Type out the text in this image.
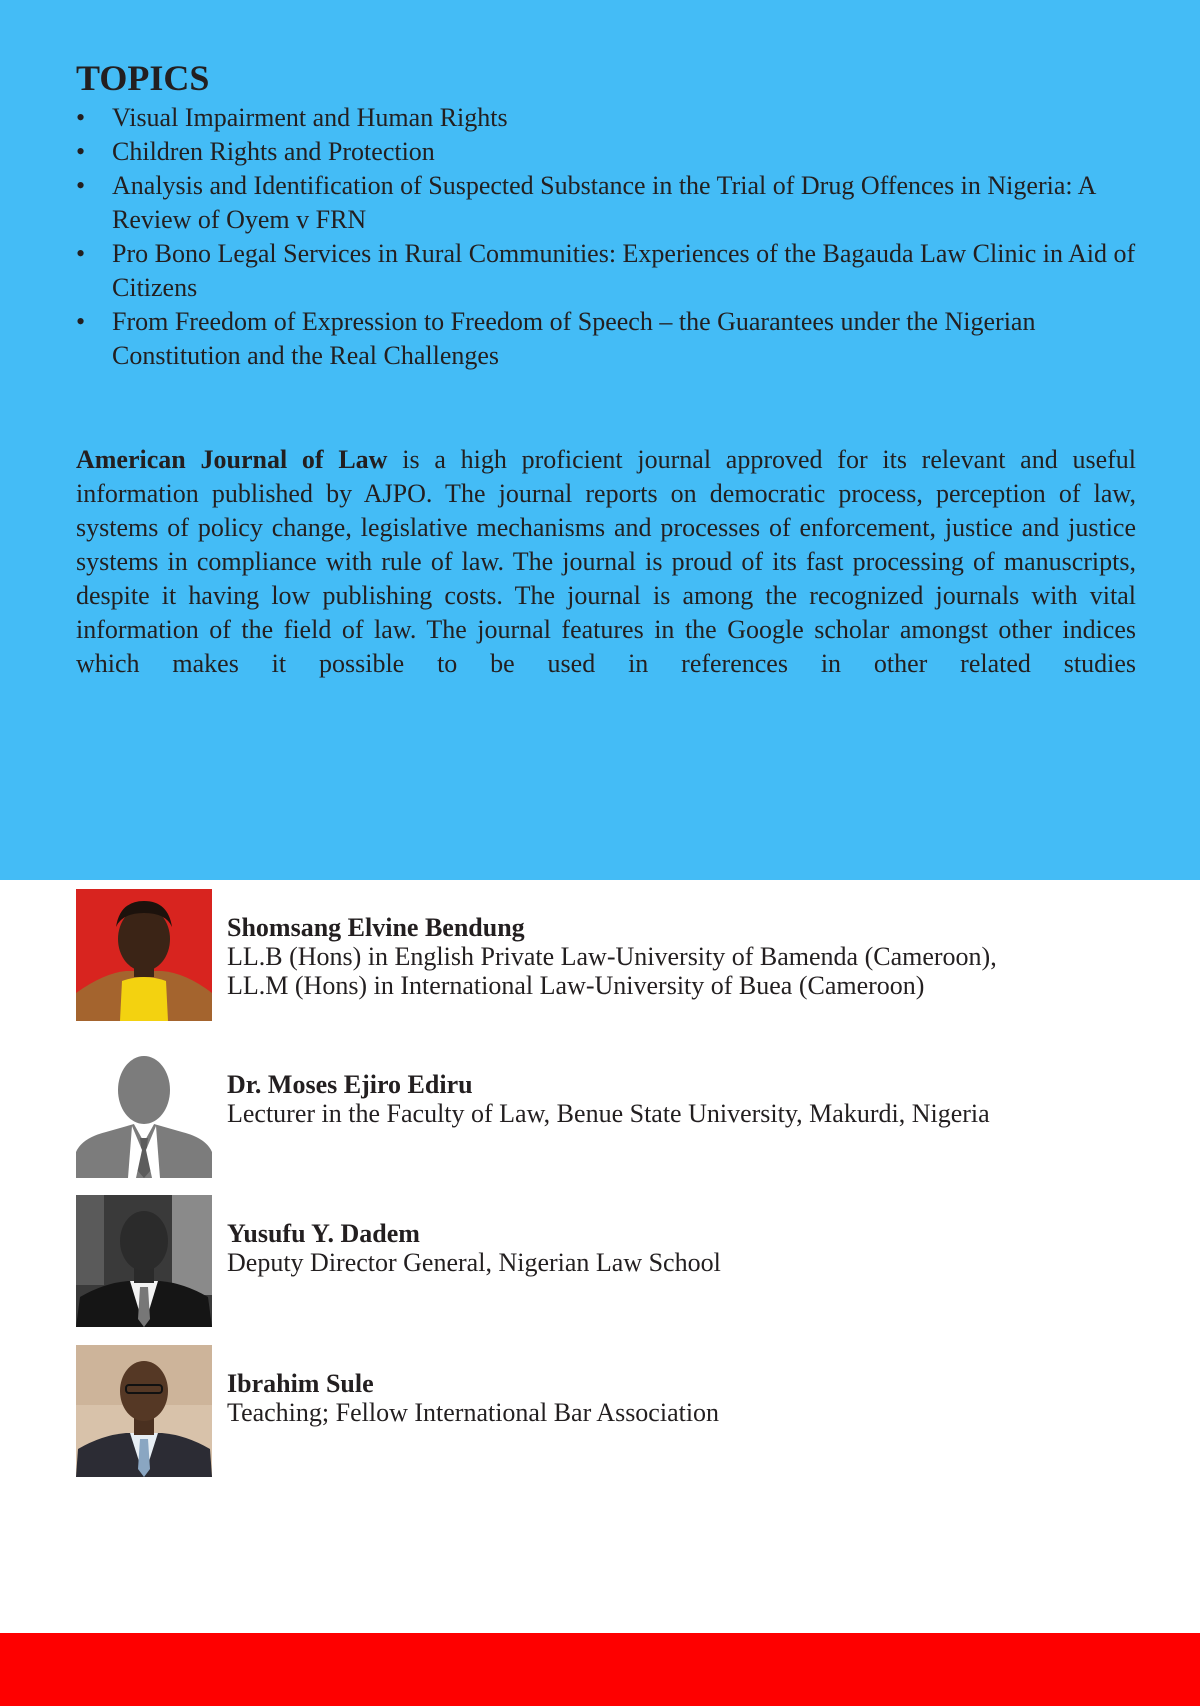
TOPICS
•	Visual Impairment and Human Rights
•	Children Rights and Protection
•	Analysis and Identification of Suspected Substance in the Trial of Drug Offences in Nigeria: A Review of Oyem v FRN
•	Pro Bono Legal Services in Rural Communities: Experiences of the Bagauda Law Clinic in Aid of Citizens
•	From Freedom of Expression to Freedom of Speech – the Guarantees under the Nigerian Constitution and the Real Challenges

American Journal of Law is a high proficient journal approved for its relevant and useful information published by AJPO. The journal reports on democratic process, perception of law, systems of policy change, legislative mechanisms and processes of enforcement, justice and justice systems in compliance with rule of law. The journal is proud of its fast processing of manuscripts, despite it having low publishing costs. The journal is among the recognized journals with vital information of the field of law. The journal features in the Google scholar amongst other indices which makes it possible to be used in references in other related studies

Shomsang Elvine Bendung
LL.B (Hons) in English Private Law-University of Bamenda (Cameroon),
LL.M (Hons) in International Law-University of Buea (Cameroon)
Dr. Moses Ejiro Ediru
Lecturer in the Faculty of Law, Benue State University, Makurdi, Nigeria
Yusufu Y. Dadem
Deputy Director General, Nigerian Law School
Ibrahim Sule
Teaching; Fellow International Bar Association
